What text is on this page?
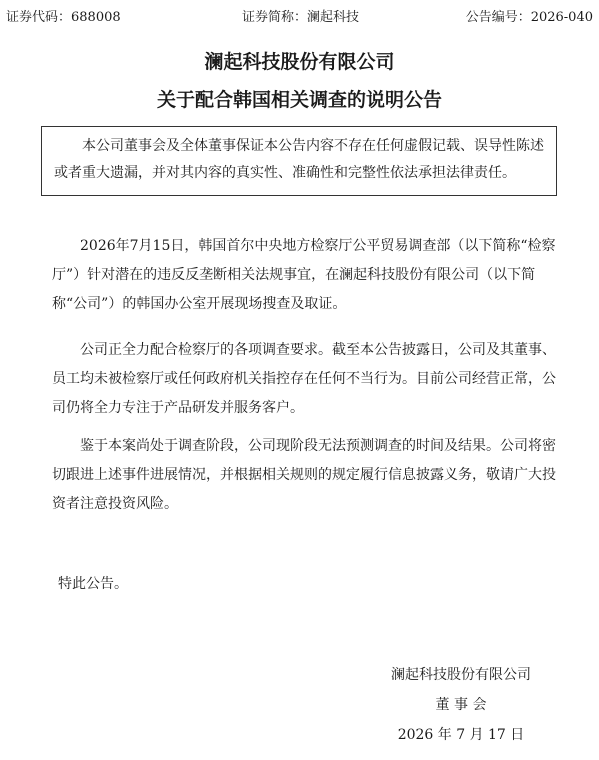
证券代码：688008	证券简称：澜起科技	公告编号：2026-040
澜起科技股份有限公司
关于配合韩国相关调查的说明公告
本公司董事会及全体董事保证本公告内容不存在任何虚假记载、误导性陈述或者重大遗漏，并对其内容的真实性、准确性和完整性依法承担法律责任。

2026年7月15日，韩国首尔中央地方检察厅公平贸易调查部（以下简称“检察厅”）针对潜在的违反反垄断相关法规事宜，在澜起科技股份有限公司（以下简称“公司”）的韩国办公室开展现场搜查及取证。

公司正全力配合检察厅的各项调查要求。截至本公告披露日，公司及其董事、员工均未被检察厅或任何政府机关指控存在任何不当行为。目前公司经营正常，公司仍将全力专注于产品研发并服务客户。

鉴于本案尚处于调查阶段，公司现阶段无法预测调查的时间及结果。公司将密切跟进上述事件进展情况，并根据相关规则的规定履行信息披露义务，敬请广大投资者注意投资风险。

特此公告。
澜起科技股份有限公司
董 事 会
2026 年 7 月 17 日
